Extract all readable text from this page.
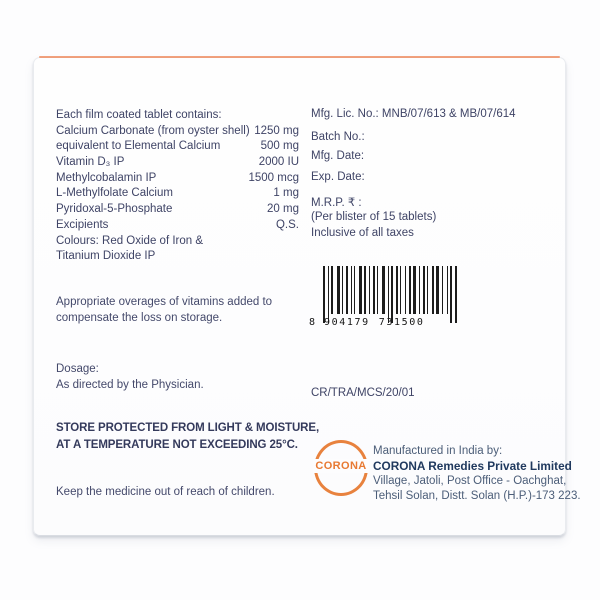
Each film coated tablet contains:
Calcium Carbonate (from oyster shell) 1250 mg
equivalent to Elemental Calcium	500 mg
Vitamin D₃ IP	2000 IU
Methylcobalamin IP	1500 mcg
L-Methylfolate Calcium	1 mg
Pyridoxal-5-Phosphate	20 mg
Excipients	Q.S.
Colours: Red Oxide of Iron &
Titanium Dioxide IP
Appropriate overages of vitamins added to
compensate the loss on storage.
Dosage:
As directed by the Physician.
STORE PROTECTED FROM LIGHT & MOISTURE,
AT A TEMPERATURE NOT EXCEEDING 25°C.
Keep the medicine out of reach of children.
Mfg. Lic. No.: MNB/07/613 & MB/07/614
Batch No.:
Mfg. Date:
Exp. Date:
M.R.P. ₹ :
(Per blister of 15 tablets)
Inclusive of all taxes
8 904179 731500
CR/TRA/MCS/20/01
CORONA
Manufactured in India by:
CORONA Remedies Private Limited
Village, Jatoli, Post Office - Oachghat,
Tehsil Solan, Distt. Solan (H.P.)-173 223.
